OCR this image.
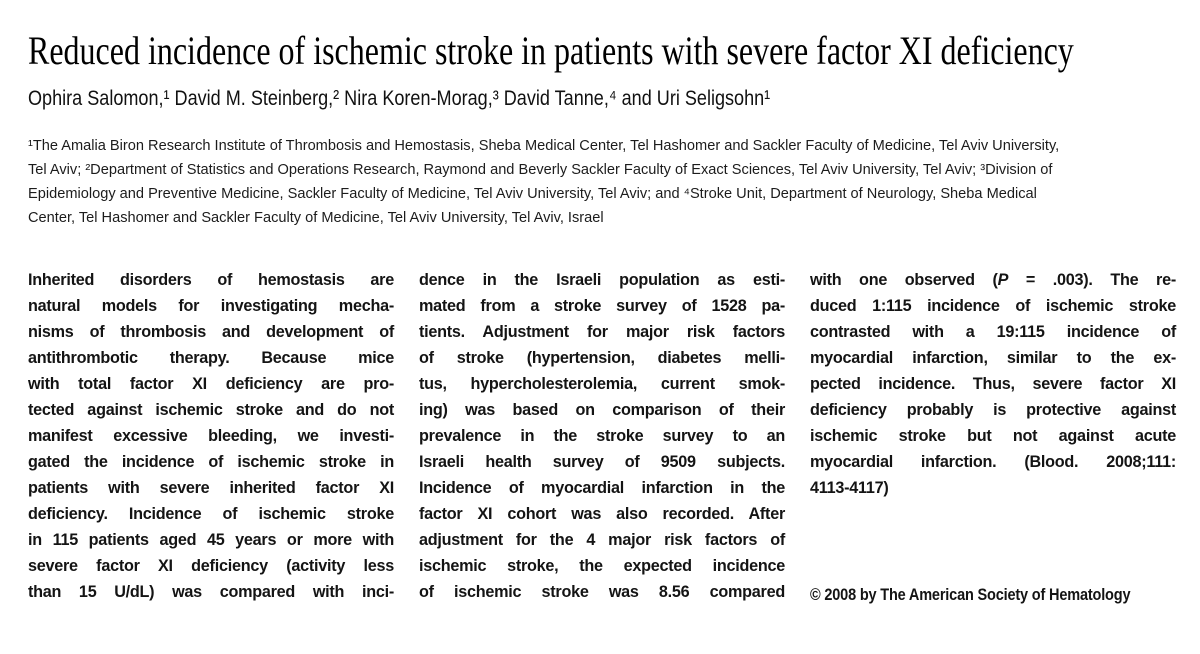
Reduced incidence of ischemic stroke in patients with severe factor XI deficiency
Ophira Salomon,¹ David M. Steinberg,² Nira Koren-Morag,³ David Tanne,⁴ and Uri Seligsohn¹
¹The Amalia Biron Research Institute of Thrombosis and Hemostasis, Sheba Medical Center, Tel Hashomer and Sackler Faculty of Medicine, Tel Aviv University,
Tel Aviv; ²Department of Statistics and Operations Research, Raymond and Beverly Sackler Faculty of Exact Sciences, Tel Aviv University, Tel Aviv; ³Division of
Epidemiology and Preventive Medicine, Sackler Faculty of Medicine, Tel Aviv University, Tel Aviv; and ⁴Stroke Unit, Department of Neurology, Sheba Medical
Center, Tel Hashomer and Sackler Faculty of Medicine, Tel Aviv University, Tel Aviv, Israel
Inherited disorders of hemostasis are
natural models for investigating mecha-
nisms of thrombosis and development of
antithrombotic therapy. Because mice
with total factor XI deficiency are pro-
tected against ischemic stroke and do not
manifest excessive bleeding, we investi-
gated the incidence of ischemic stroke in
patients with severe inherited factor XI
deficiency. Incidence of ischemic stroke
in 115 patients aged 45 years or more with
severe factor XI deficiency (activity less
than 15 U/dL) was compared with inci-
dence in the Israeli population as esti-
mated from a stroke survey of 1528 pa-
tients. Adjustment for major risk factors
of stroke (hypertension, diabetes melli-
tus, hypercholesterolemia, current smok-
ing) was based on comparison of their
prevalence in the stroke survey to an
Israeli health survey of 9509 subjects.
Incidence of myocardial infarction in the
factor XI cohort was also recorded. After
adjustment for the 4 major risk factors of
ischemic stroke, the expected incidence
of ischemic stroke was 8.56 compared
with one observed (P = .003). The re-
duced 1:115 incidence of ischemic stroke
contrasted with a 19:115 incidence of
myocardial infarction, similar to the ex-
pected incidence. Thus, severe factor XI
deficiency probably is protective against
ischemic stroke but not against acute
myocardial infarction. (Blood. 2008;111:
4113-4117)
© 2008 by The American Society of Hematology
